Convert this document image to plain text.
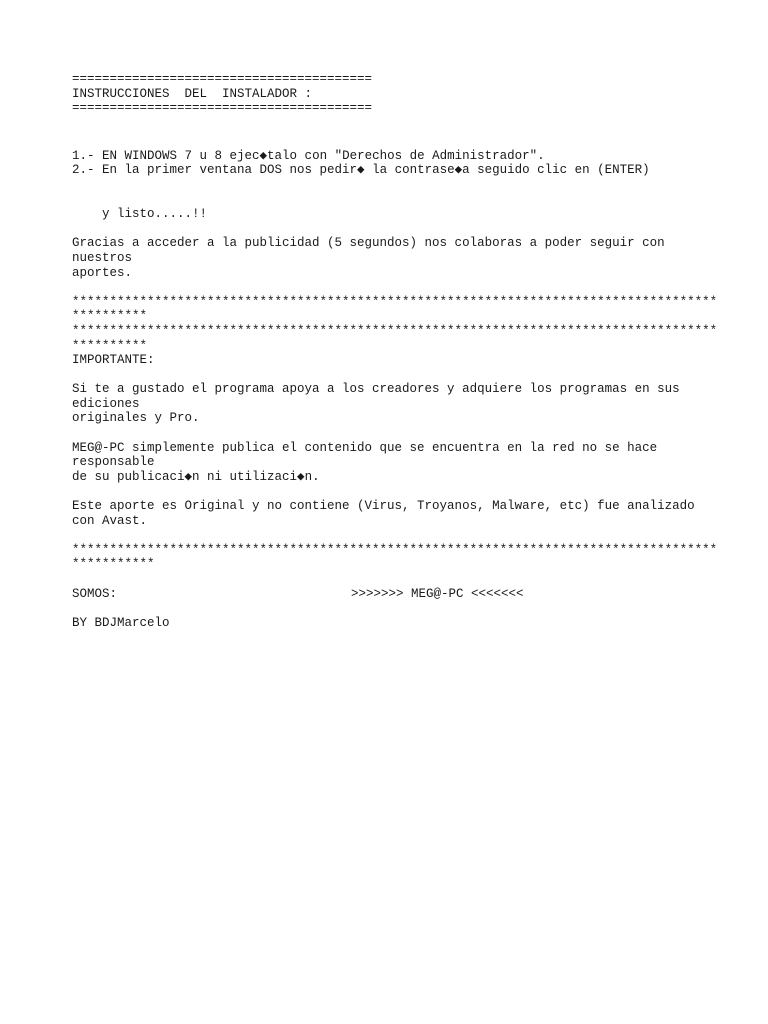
========================================
INSTRUCCIONES  DEL  INSTALADOR :
========================================
1.- EN WINDOWS 7 u 8 ejec◆talo con "Derechos de Administrador".
2.- En la primer ventana DOS nos pedir◆ la contrase◆a seguido clic en (ENTER)
y listo.....!!
Gracias a acceder a la publicidad (5 segundos) nos colaboras a poder seguir con
nuestros
aportes.
**************************************************************************************
**********
**************************************************************************************
**********
IMPORTANTE:
Si te a gustado el programa apoya a los creadores y adquiere los programas en sus
ediciones
originales y Pro.
MEG@-PC simplemente publica el contenido que se encuentra en la red no se hace
responsable
de su publicaci◆n ni utilizaci◆n.
Este aporte es Original y no contiene (Virus, Troyanos, Malware, etc) fue analizado
con Avast.
**************************************************************************************
***********
SOMOS:	>>>>>>> MEG@-PC <<<<<<<
BY BDJMarcelo
